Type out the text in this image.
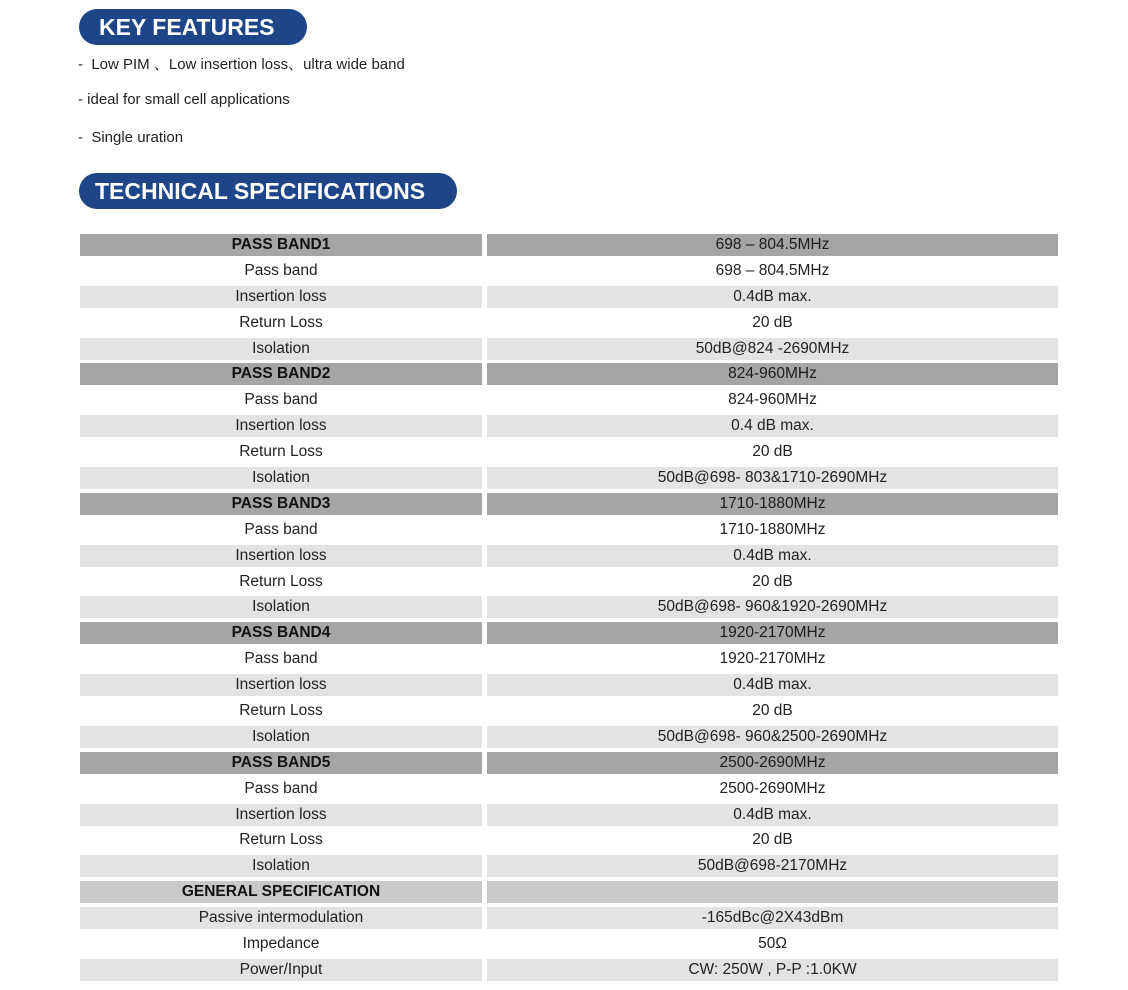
KEY FEATURES
-  Low PIM 、Low insertion loss、ultra wide band
- ideal for small cell applications
-  Single uration
TECHNICAL SPECIFICATIONS
PASS BAND1	698 – 804.5MHz
Pass band	698 – 804.5MHz
Insertion loss	0.4dB max.
Return Loss	20 dB
Isolation	50dB@824 -2690MHz
PASS BAND2	824-960MHz
Pass band	824-960MHz
Insertion loss	0.4 dB max.
Return Loss	20 dB
Isolation	50dB@698- 803&1710-2690MHz
PASS BAND3	1710-1880MHz
Pass band	1710-1880MHz
Insertion loss	0.4dB max.
Return Loss	20 dB
Isolation	50dB@698- 960&1920-2690MHz
PASS BAND4	1920-2170MHz
Pass band	1920-2170MHz
Insertion loss	0.4dB max.
Return Loss	20 dB
Isolation	50dB@698- 960&2500-2690MHz
PASS BAND5	2500-2690MHz
Pass band	2500-2690MHz
Insertion loss	0.4dB max.
Return Loss	20 dB
Isolation	50dB@698-2170MHz
GENERAL SPECIFICATION
Passive intermodulation	-165dBc@2X43dBm
Impedance	50Ω
Power/Input	CW: 250W , P-P :1.0KW
